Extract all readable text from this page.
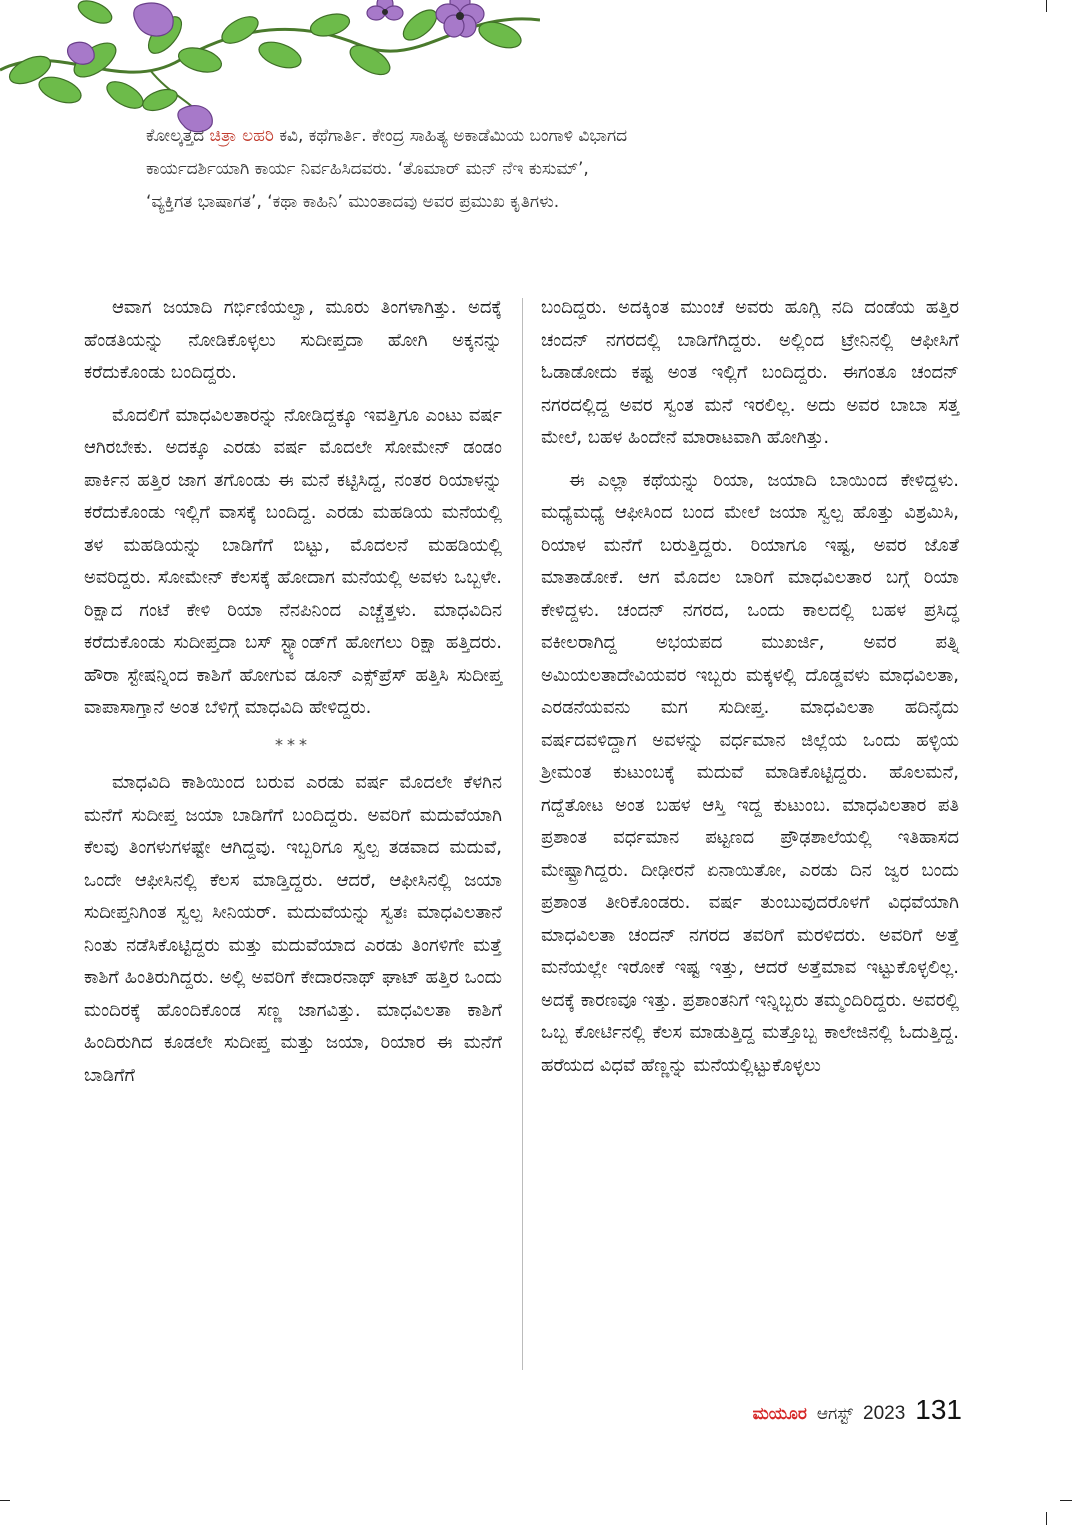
ಕೋಲ್ಕತ್ತದ ಚಿತ್ರಾ ಲಹರಿ ಕವಿ, ಕಥೆಗಾರ್ತಿ. ಕೇಂದ್ರ ಸಾಹಿತ್ಯ ಅಕಾಡೆಮಿಯ ಬಂಗಾಳಿ ವಿಭಾಗದ
ಕಾರ್ಯದರ್ಶಿಯಾಗಿ ಕಾರ್ಯ ನಿರ್ವಹಿಸಿದವರು. ‘ತೊಮಾರ್ ಮನ್ ನೆಇ ಕುಸುಮ್’,
‘ವ್ಯಕ್ತಿಗತ ಭಾಷಾಗತ’, ‘ಕಥಾ ಕಾಹಿನಿ’ ಮುಂತಾದವು ಅವರ ಪ್ರಮುಖ ಕೃತಿಗಳು.

ಆವಾಗ ಜಯಾದಿ ಗರ್ಭಿಣಿಯಲ್ವಾ, ಮೂರು ತಿಂಗಳಾಗಿತ್ತು. ಅದಕ್ಕೆ ಹೆಂಡತಿಯನ್ನು ನೋಡಿಕೊಳ್ಳಲು ಸುದೀಪ್ತದಾ ಹೋಗಿ ಅಕ್ಕನನ್ನು ಕರೆದುಕೊಂಡು ಬಂದಿದ್ದರು.

ಮೊದಲಿಗೆ ಮಾಧವಿಲತಾರನ್ನು ನೋಡಿದ್ದಕ್ಕೂ ಇವತ್ತಿಗೂ ಎಂಟು ವರ್ಷ ಆಗಿರಬೇಕು. ಅದಕ್ಕೂ ಎರಡು ವರ್ಷ ಮೊದಲೇ ಸೋಮೇನ್ ಡಂಡಂ ಪಾರ್ಕಿನ ಹತ್ತಿರ ಜಾಗ ತಗೊಂಡು ಈ ಮನೆ ಕಟ್ಟಿಸಿದ್ದ, ನಂತರ ರಿಯಾಳನ್ನು ಕರೆದುಕೊಂಡು ಇಲ್ಲಿಗೆ ವಾಸಕ್ಕೆ ಬಂದಿದ್ದ. ಎರಡು ಮಹಡಿಯ ಮನೆಯಲ್ಲಿ ತಳ ಮಹಡಿಯನ್ನು ಬಾಡಿಗೆಗೆ ಬಿಟ್ಟು, ಮೊದಲನೆ ಮಹಡಿಯಲ್ಲಿ ಅವರಿದ್ದರು. ಸೋಮೇನ್ ಕೆಲಸಕ್ಕೆ ಹೋದಾಗ ಮನೆಯಲ್ಲಿ ಅವಳು ಒಬ್ಬಳೇ. ರಿಕ್ಷಾದ ಗಂಟೆ ಕೇಳಿ ರಿಯಾ ನೆನಪಿನಿಂದ ಎಚ್ಚೆತ್ತಳು. ಮಾಧವಿದಿನ ಕರೆದುಕೊಂಡು ಸುದೀಪ್ತದಾ ಬಸ್ ಸ್ಟ್ಯಾಂಡ್‌ಗೆ ಹೋಗಲು ರಿಕ್ಷಾ ಹತ್ತಿದರು. ಹೌರಾ ಸ್ಟೇಷನ್ನಿಂದ ಕಾಶಿಗೆ ಹೋಗುವ ಡೂನ್ ಎಕ್ಸ್‌ಪ್ರೆಸ್ ಹತ್ತಿಸಿ ಸುದೀಪ್ತ ವಾಪಾಸಾಗ್ತಾನೆ ಅಂತ ಬೆಳಿಗ್ಗೆ ಮಾಧವಿದಿ ಹೇಳಿದ್ದರು.

***

ಮಾಧವಿದಿ ಕಾಶಿಯಿಂದ ಬರುವ ಎರಡು ವರ್ಷ ಮೊದಲೇ ಕೆಳಗಿನ ಮನೆಗೆ ಸುದೀಪ್ತ ಜಯಾ ಬಾಡಿಗೆಗೆ ಬಂದಿದ್ದರು. ಅವರಿಗೆ ಮದುವೆಯಾಗಿ ಕೆಲವು ತಿಂಗಳುಗಳಷ್ಟೇ ಆಗಿದ್ದವು. ಇಬ್ಬರಿಗೂ ಸ್ವಲ್ಪ ತಡವಾದ ಮದುವೆ, ಒಂದೇ ಆಫೀಸಿನಲ್ಲಿ ಕೆಲಸ ಮಾಡ್ತಿದ್ದರು. ಆದರೆ, ಆಫೀಸಿನಲ್ಲಿ ಜಯಾ ಸುದೀಪ್ತನಿಗಿಂತ ಸ್ವಲ್ಪ ಸೀನಿಯರ್. ಮದುವೆಯನ್ನು ಸ್ವತಃ ಮಾಧವಿಲತಾನೆ ನಿಂತು ನಡೆಸಿಕೊಟ್ಟಿದ್ದರು ಮತ್ತು ಮದುವೆಯಾದ ಎರಡು ತಿಂಗಳಿಗೇ ಮತ್ತೆ ಕಾಶಿಗೆ ಹಿಂತಿರುಗಿದ್ದರು. ಅಲ್ಲಿ ಅವರಿಗೆ ಕೇದಾರನಾಥ್ ಘಾಟ್ ಹತ್ತಿರ ಒಂದು ಮಂದಿರಕ್ಕೆ ಹೊಂದಿಕೊಂಡ ಸಣ್ಣ ಜಾಗವಿತ್ತು. ಮಾಧವಿಲತಾ ಕಾಶಿಗೆ ಹಿಂದಿರುಗಿದ ಕೂಡಲೇ ಸುದೀಪ್ತ ಮತ್ತು ಜಯಾ, ರಿಯಾರ ಈ ಮನೆಗೆ ಬಾಡಿಗೆಗೆ

ಬಂದಿದ್ದರು. ಅದಕ್ಕಿಂತ ಮುಂಚೆ ಅವರು ಹೂಗ್ಲಿ ನದಿ ದಂಡೆಯ ಹತ್ತಿರ ಚಂದನ್ ನಗರದಲ್ಲಿ ಬಾಡಿಗೆಗಿದ್ದರು. ಅಲ್ಲಿಂದ ಟ್ರೇನಿನಲ್ಲಿ ಆಫೀಸಿಗೆ ಓಡಾಡೋದು ಕಷ್ಟ ಅಂತ ಇಲ್ಲಿಗೆ ಬಂದಿದ್ದರು. ಈಗಂತೂ ಚಂದನ್ ನಗರದಲ್ಲಿದ್ದ ಅವರ ಸ್ವಂತ ಮನೆ ಇರಲಿಲ್ಲ. ಅದು ಅವರ ಬಾಬಾ ಸತ್ತ ಮೇಲೆ, ಬಹಳ ಹಿಂದೇನೆ ಮಾರಾಟವಾಗಿ ಹೋಗಿತ್ತು.

ಈ ಎಲ್ಲಾ ಕಥೆಯನ್ನು ರಿಯಾ, ಜಯಾದಿ ಬಾಯಿಂದ ಕೇಳಿದ್ದಳು. ಮಧ್ಯೆಮಧ್ಯೆ ಆಫೀಸಿಂದ ಬಂದ ಮೇಲೆ ಜಯಾ ಸ್ವಲ್ಪ ಹೊತ್ತು ವಿಶ್ರಮಿಸಿ, ರಿಯಾಳ ಮನೆಗೆ ಬರುತ್ತಿದ್ದರು. ರಿಯಾಗೂ ಇಷ್ಟ, ಅವರ ಜೊತೆ ಮಾತಾಡೋಕೆ. ಆಗ ಮೊದಲ ಬಾರಿಗೆ ಮಾಧವಿಲತಾರ ಬಗ್ಗೆ ರಿಯಾ ಕೇಳಿದ್ದಳು. ಚಂದನ್ ನಗರದ, ಒಂದು ಕಾಲದಲ್ಲಿ ಬಹಳ ಪ್ರಸಿದ್ಧ ವಕೀಲರಾಗಿದ್ದ ಅಭಯಪದ ಮುಖರ್ಜಿ, ಅವರ ಪತ್ನಿ ಅಮಿಯಲತಾದೇವಿಯವರ ಇಬ್ಬರು ಮಕ್ಕಳಲ್ಲಿ ದೊಡ್ಡವಳು ಮಾಧವಿಲತಾ, ಎರಡನೆಯವನು ಮಗ ಸುದೀಪ್ತ. ಮಾಧವಿಲತಾ ಹದಿನೈದು ವರ್ಷದವಳಿದ್ದಾಗ ಅವಳನ್ನು ವರ್ಧಮಾನ ಜಿಲ್ಲೆಯ ಒಂದು ಹಳ್ಳಿಯ ಶ್ರೀಮಂತ ಕುಟುಂಬಕ್ಕೆ ಮದುವೆ ಮಾಡಿಕೊಟ್ಟಿದ್ದರು. ಹೊಲಮನೆ, ಗದ್ದೆತೋಟ ಅಂತ ಬಹಳ ಆಸ್ತಿ ಇದ್ದ ಕುಟುಂಬ. ಮಾಧವಿಲತಾರ ಪತಿ ಪ್ರಶಾಂತ ವರ್ಧಮಾನ ಪಟ್ಟಣದ ಪ್ರೌಢಶಾಲೆಯಲ್ಲಿ ಇತಿಹಾಸದ ಮೇಷ್ಟ್ರಾಗಿದ್ದರು. ದೀಢೀರನೆ ಏನಾಯಿತೋ, ಎರಡು ದಿನ ಜ್ವರ ಬಂದು ಪ್ರಶಾಂತ ತೀರಿಕೊಂಡರು. ವರ್ಷ ತುಂಬುವುದರೊಳಗೆ ವಿಧವೆಯಾಗಿ ಮಾಧವಿಲತಾ ಚಂದನ್ ನಗರದ ತವರಿಗೆ ಮರಳಿದರು. ಅವರಿಗೆ ಅತ್ತೆ ಮನೆಯಲ್ಲೇ ಇರೋಕೆ ಇಷ್ಟ ಇತ್ತು, ಆದರೆ ಅತ್ತೆಮಾವ ಇಟ್ಟುಕೊಳ್ಳಲಿಲ್ಲ. ಅದಕ್ಕೆ ಕಾರಣವೂ ಇತ್ತು. ಪ್ರಶಾಂತನಿಗೆ ಇನ್ನಿಬ್ಬರು ತಮ್ಮಂದಿರಿದ್ದರು. ಅವರಲ್ಲಿ ಒಬ್ಬ ಕೋರ್ಟಿನಲ್ಲಿ ಕೆಲಸ ಮಾಡುತ್ತಿದ್ದ ಮತ್ತೊಬ್ಬ ಕಾಲೇಜಿನಲ್ಲಿ ಓದುತ್ತಿದ್ದ. ಹರೆಯದ ವಿಧವೆ ಹೆಣ್ಣನ್ನು ಮನೆಯಲ್ಲಿಟ್ಟುಕೊಳ್ಳಲು

ಮಯೂರ ಆಗಸ್ಟ್ 2023 131
